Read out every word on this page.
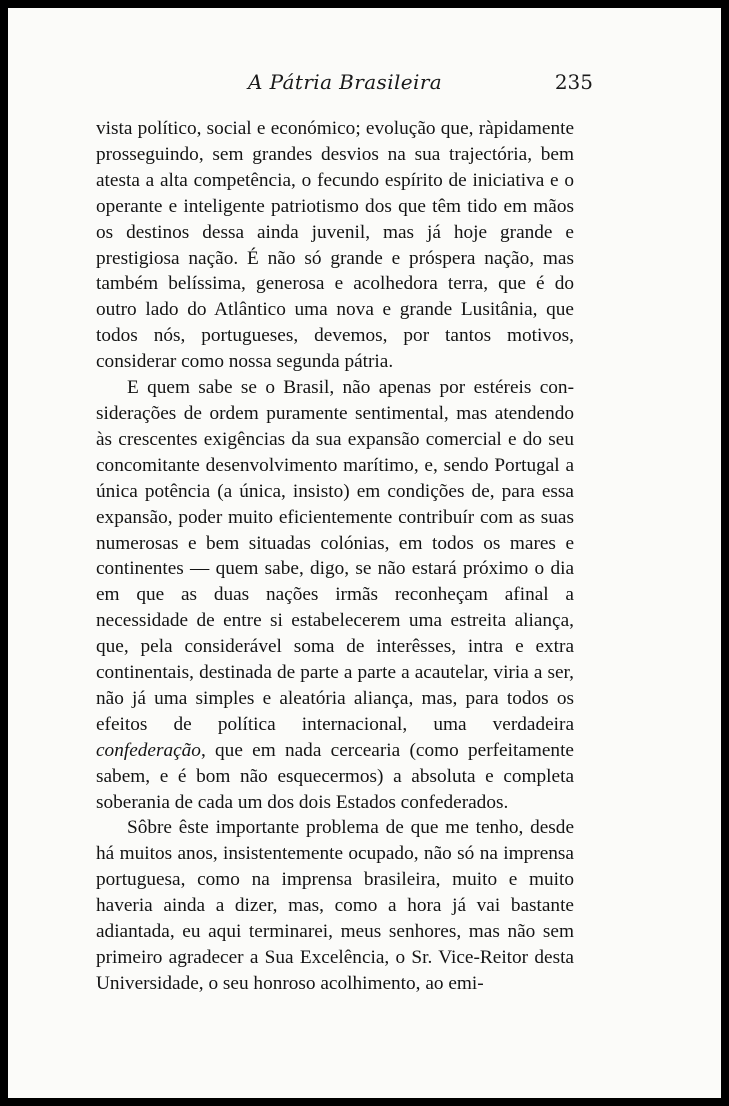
A Pátria Brasileira	235

vista político, social e económico; evolução que, ràpidamente prosseguindo, sem grandes desvios na sua trajectória, bem atesta a alta competência, o fecundo espírito de iniciativa e o operante e inteligente patriotismo dos que têm tido em mãos os destinos dessa ainda juvenil, mas já hoje grande e prestigiosa nação. É não só grande e próspera nação, mas também belíssima, generosa e acolhedora terra, que é do outro lado do Atlântico uma nova e grande Lusitânia, que todos nós, portugueses, devemos, por tantos motivos, considerar como nossa segunda pátria.

E quem sabe se o Brasil, não apenas por estéreis considerações de ordem puramente sentimental, mas atendendo às crescentes exigências da sua expansão comercial e do seu concomitante desenvolvimento marítimo, e, sendo Portugal a única potência (a única, insisto) em condições de, para essa expansão, poder muito eficientemente contribuír com as suas numerosas e bem situadas colónias, em todos os mares e continentes — quem sabe, digo, se não estará próximo o dia em que as duas nações irmãs reconheçam afinal a necessidade de entre si estabelecerem uma estreita aliança, que, pela considerável soma de interêsses, intra e extra continentais, destinada de parte a parte a acautelar, viria a ser, não já uma simples e aleatória aliança, mas, para todos os efeitos de política internacional, uma verdadeira confederação, que em nada cercearia (como perfeitamente sabem, e é bom não esquecermos) a absoluta e completa soberania de cada um dos dois Estados confederados.

Sôbre êste importante problema de que me tenho, desde há muitos anos, insistentemente ocupado, não só na imprensa portuguesa, como na imprensa brasileira, muito e muito haveria ainda a dizer, mas, como a hora já vai bastante adiantada, eu aqui terminarei, meus senhores, mas não sem primeiro agradecer a Sua Excelência, o Sr. Vice-Reitor desta Universidade, o seu honroso acolhimento, ao emi-
